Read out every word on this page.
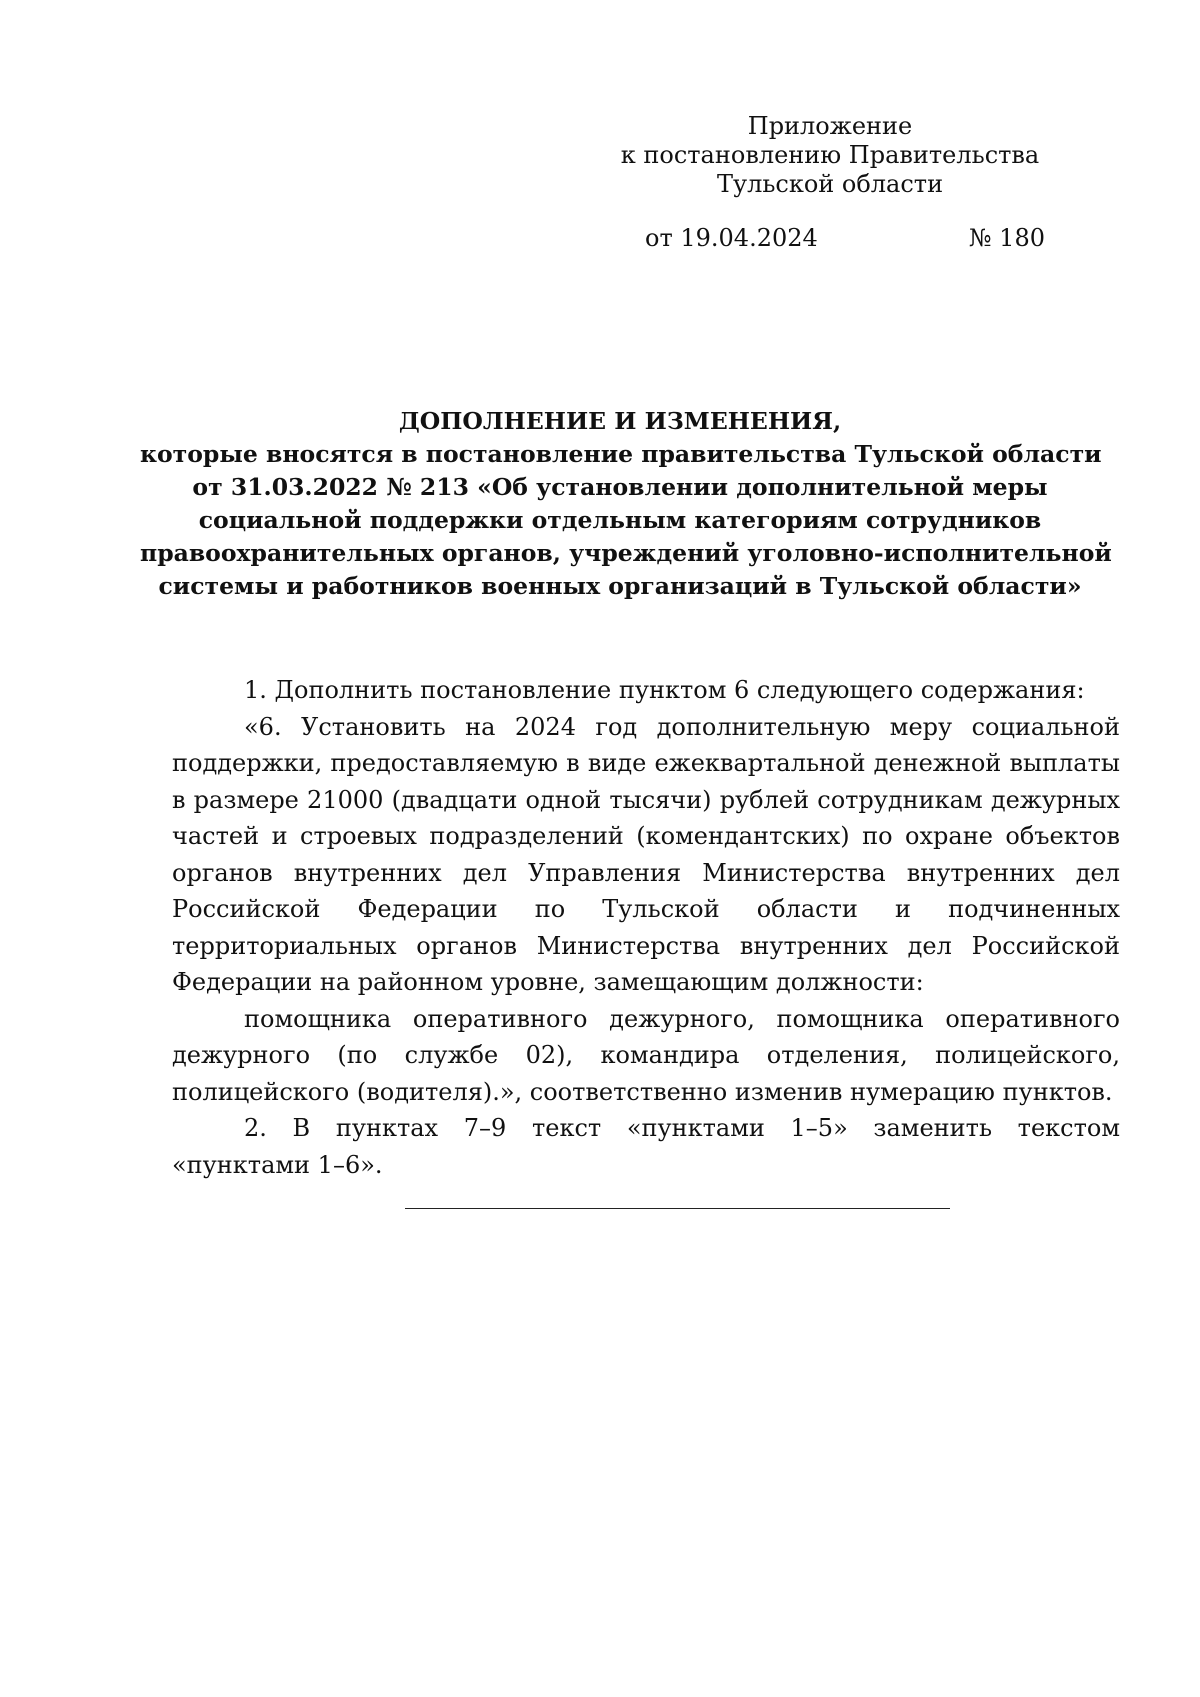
Приложение
к постановлению Правительства
Тульской области
от 19.04.2024	№ 180
ДОПОЛНЕНИЕ И ИЗМЕНЕНИЯ,
которые вносятся в постановление правительства Тульской области
от 31.03.2022 № 213 «Об установлении дополнительной меры
социальной поддержки отдельным категориям сотрудников
правоохранительных органов, учреждений уголовно-исполнительной
системы и работников военных организаций в Тульской области»

1. Дополнить постановление пунктом 6 следующего содержания:

«6. Установить на 2024 год дополнительную меру социальной поддержки, предоставляемую в виде ежеквартальной денежной выплаты в размере 21000 (двадцати одной тысячи) рублей сотрудникам дежурных частей и строевых подразделений (комендантских) по охране объектов органов внутренних дел Управления Министерства внутренних дел Российской Федерации по Тульской области и подчиненных территориальных органов Министерства внутренних дел Российской Федерации на районном уровне, замещающим должности:

помощника оперативного дежурного, помощника оперативного дежурного (по службе 02), командира отделения, полицейского, полицейского (водителя).», соответственно изменив нумерацию пунктов.

2. В пунктах 7–9 текст «пунктами 1–5» заменить текстом «пунктами 1–6».
